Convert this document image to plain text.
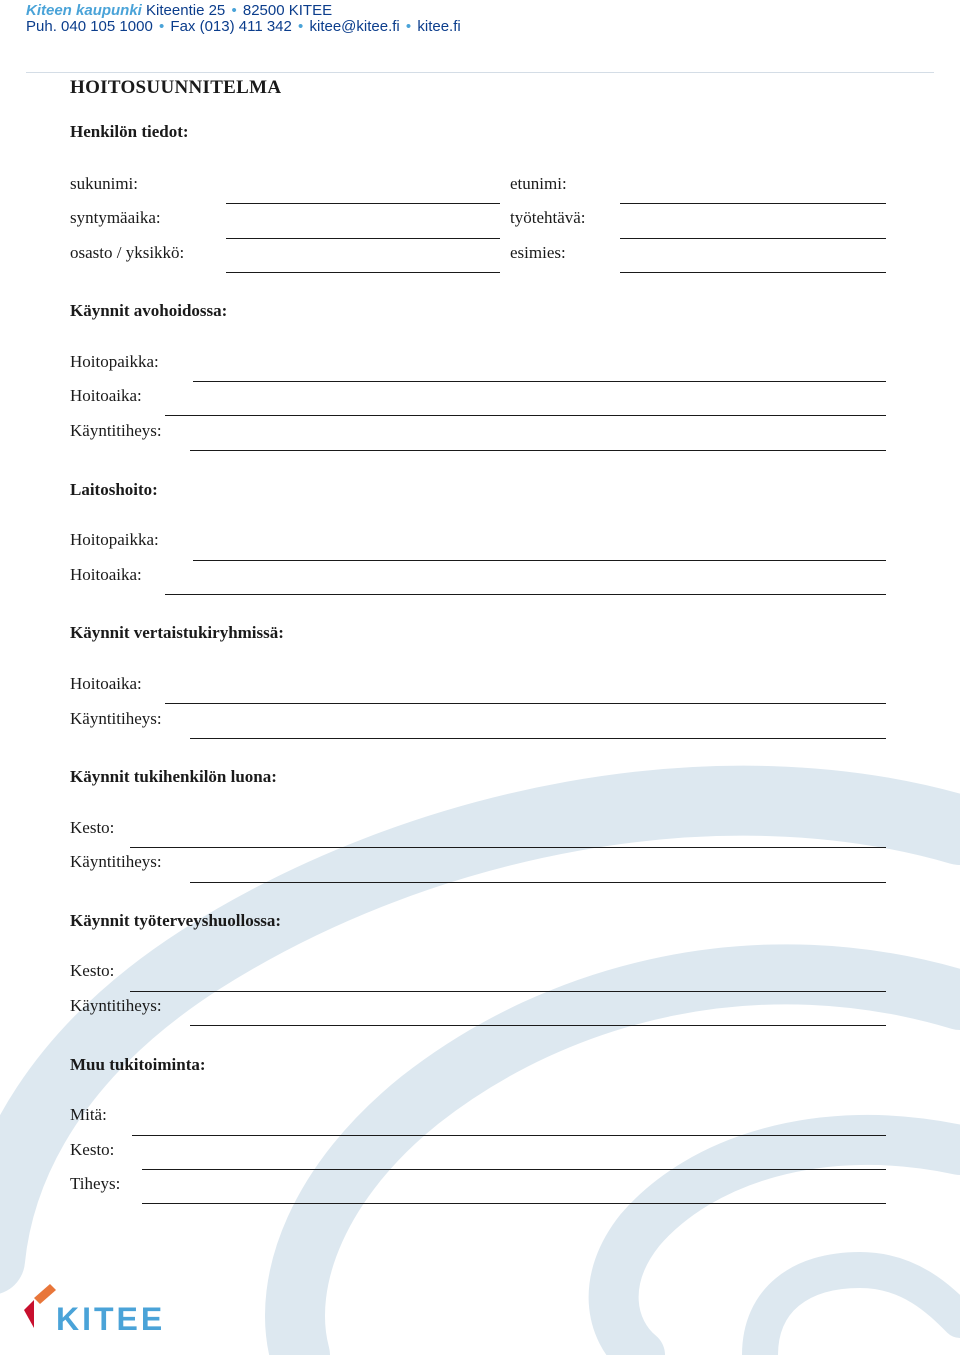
Kiteen kaupunki Kiteentie 25 • 82500 KITEE
Puh. 040 105 1000 • Fax (013) 411 342 • kitee@kitee.fi • kitee.fi
HOITOSUUNNITELMA
Henkilön tiedot:
sukunimi:	etunimi:
syntymäaika:	työtehtävä:
osasto / yksikkö:	esimies:
Käynnit avohoidossa:
Hoitopaikka:
Hoitoaika:
Käyntitiheys:
Laitoshoito:
Hoitopaikka:
Hoitoaika:
Käynnit vertaistukiryhmissä:
Hoitoaika:
Käyntitiheys:
Käynnit tukihenkilön luona:
Kesto:
Käyntitiheys:
Käynnit työterveyshuollossa:
Kesto:
Käyntitiheys:
Muu tukitoiminta:
Mitä:
Kesto:
Tiheys:
KITEE
